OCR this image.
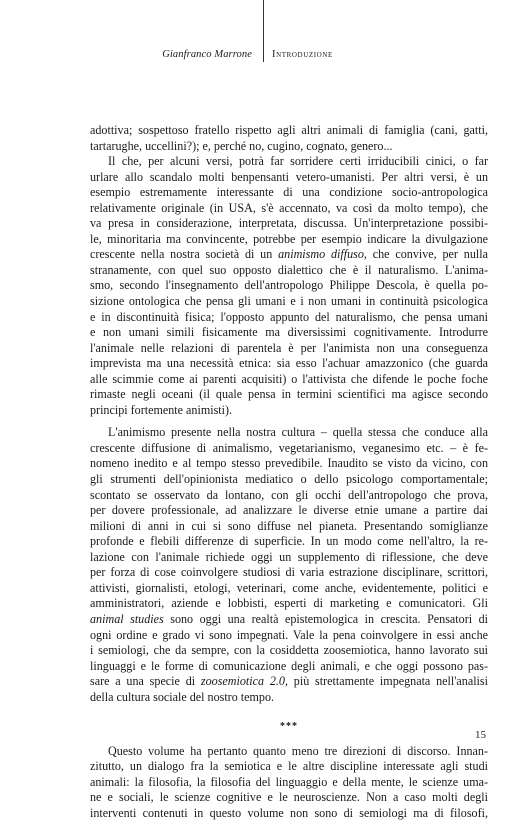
Gianfranco Marrone Introduzione
adottiva; sospettoso fratello rispetto agli altri animali di famiglia (cani, gatti,
tartarughe, uccellini?); e, perché no, cugino, cognato, genero...
Il che, per alcuni versi, potrà far sorridere certi irriducibili cinici, o far
urlare allo scandalo molti benpensanti vetero-umanisti. Per altri versi, è un
esempio estremamente interessante di una condizione socio-antropologica
relativamente originale (in USA, s'è accennato, va così da molto tempo), che
va presa in considerazione, interpretata, discussa. Un'interpretazione possibi-
le, minoritaria ma convincente, potrebbe per esempio indicare la divulgazione
crescente nella nostra società di un animismo diffuso, che convive, per nulla
stranamente, con quel suo opposto dialettico che è il naturalismo. L'anima-
smo, secondo l'insegnamento dell'antropologo Philippe Descola, è quella po-
sizione ontologica che pensa gli umani e i non umani in continuità psicologica
e in discontinuità fisica; l'opposto appunto del naturalismo, che pensa umani
e non umani simili fisicamente ma diversissimi cognitivamente. Introdurre
l'animale nelle relazioni di parentela è per l'animista non una conseguenza
imprevista ma una necessità etnica: sia esso l'achuar amazzonico (che guarda
alle scimmie come ai parenti acquisiti) o l'attivista che difende le poche foche
rimaste negli oceani (il quale pensa in termini scientifici ma agisce secondo
principi fortemente animisti).
L'animismo presente nella nostra cultura – quella stessa che conduce alla
crescente diffusione di animalismo, vegetarianismo, veganesimo etc. – è fe-
nomeno inedito e al tempo stesso prevedibile. Inaudito se visto da vicino, con
gli strumenti dell'opinionista mediatico o dello psicologo comportamentale;
scontato se osservato da lontano, con gli occhi dell'antropologo che prova,
per dovere professionale, ad analizzare le diverse etnie umane a partire dai
milioni di anni in cui si sono diffuse nel pianeta. Presentando somiglianze
profonde e flebili differenze di superficie. In un modo come nell'altro, la re-
lazione con l'animale richiede oggi un supplemento di riflessione, che deve
per forza di cose coinvolgere studiosi di varia estrazione disciplinare, scrittori,
attivisti, giornalisti, etologi, veterinari, come anche, evidentemente, politici e
amministratori, aziende e lobbisti, esperti di marketing e comunicatori. Gli
animal studies sono oggi una realtà epistemologica in crescita. Pensatori di
ogni ordine e grado vi sono impegnati. Vale la pena coinvolgere in essi anche
i semiologi, che da sempre, con la cosiddetta zoosemiotica, hanno lavorato sui
linguaggi e le forme di comunicazione degli animali, e che oggi possono pas-
sare a una specie di zoosemiotica 2.0, più strettamente impegnata nell'analisi
della cultura sociale del nostro tempo.
***
Questo volume ha pertanto quanto meno tre direzioni di discorso. Innan-
zitutto, un dialogo fra la semiotica e le altre discipline interessate agli studi
animali: la filosofia, la filosofia del linguaggio e della mente, le scienze uma-
ne e sociali, le scienze cognitive e le neuroscienze. Non a caso molti degli
interventi contenuti in questo volume non sono di semiologi ma di filosofi,
15
